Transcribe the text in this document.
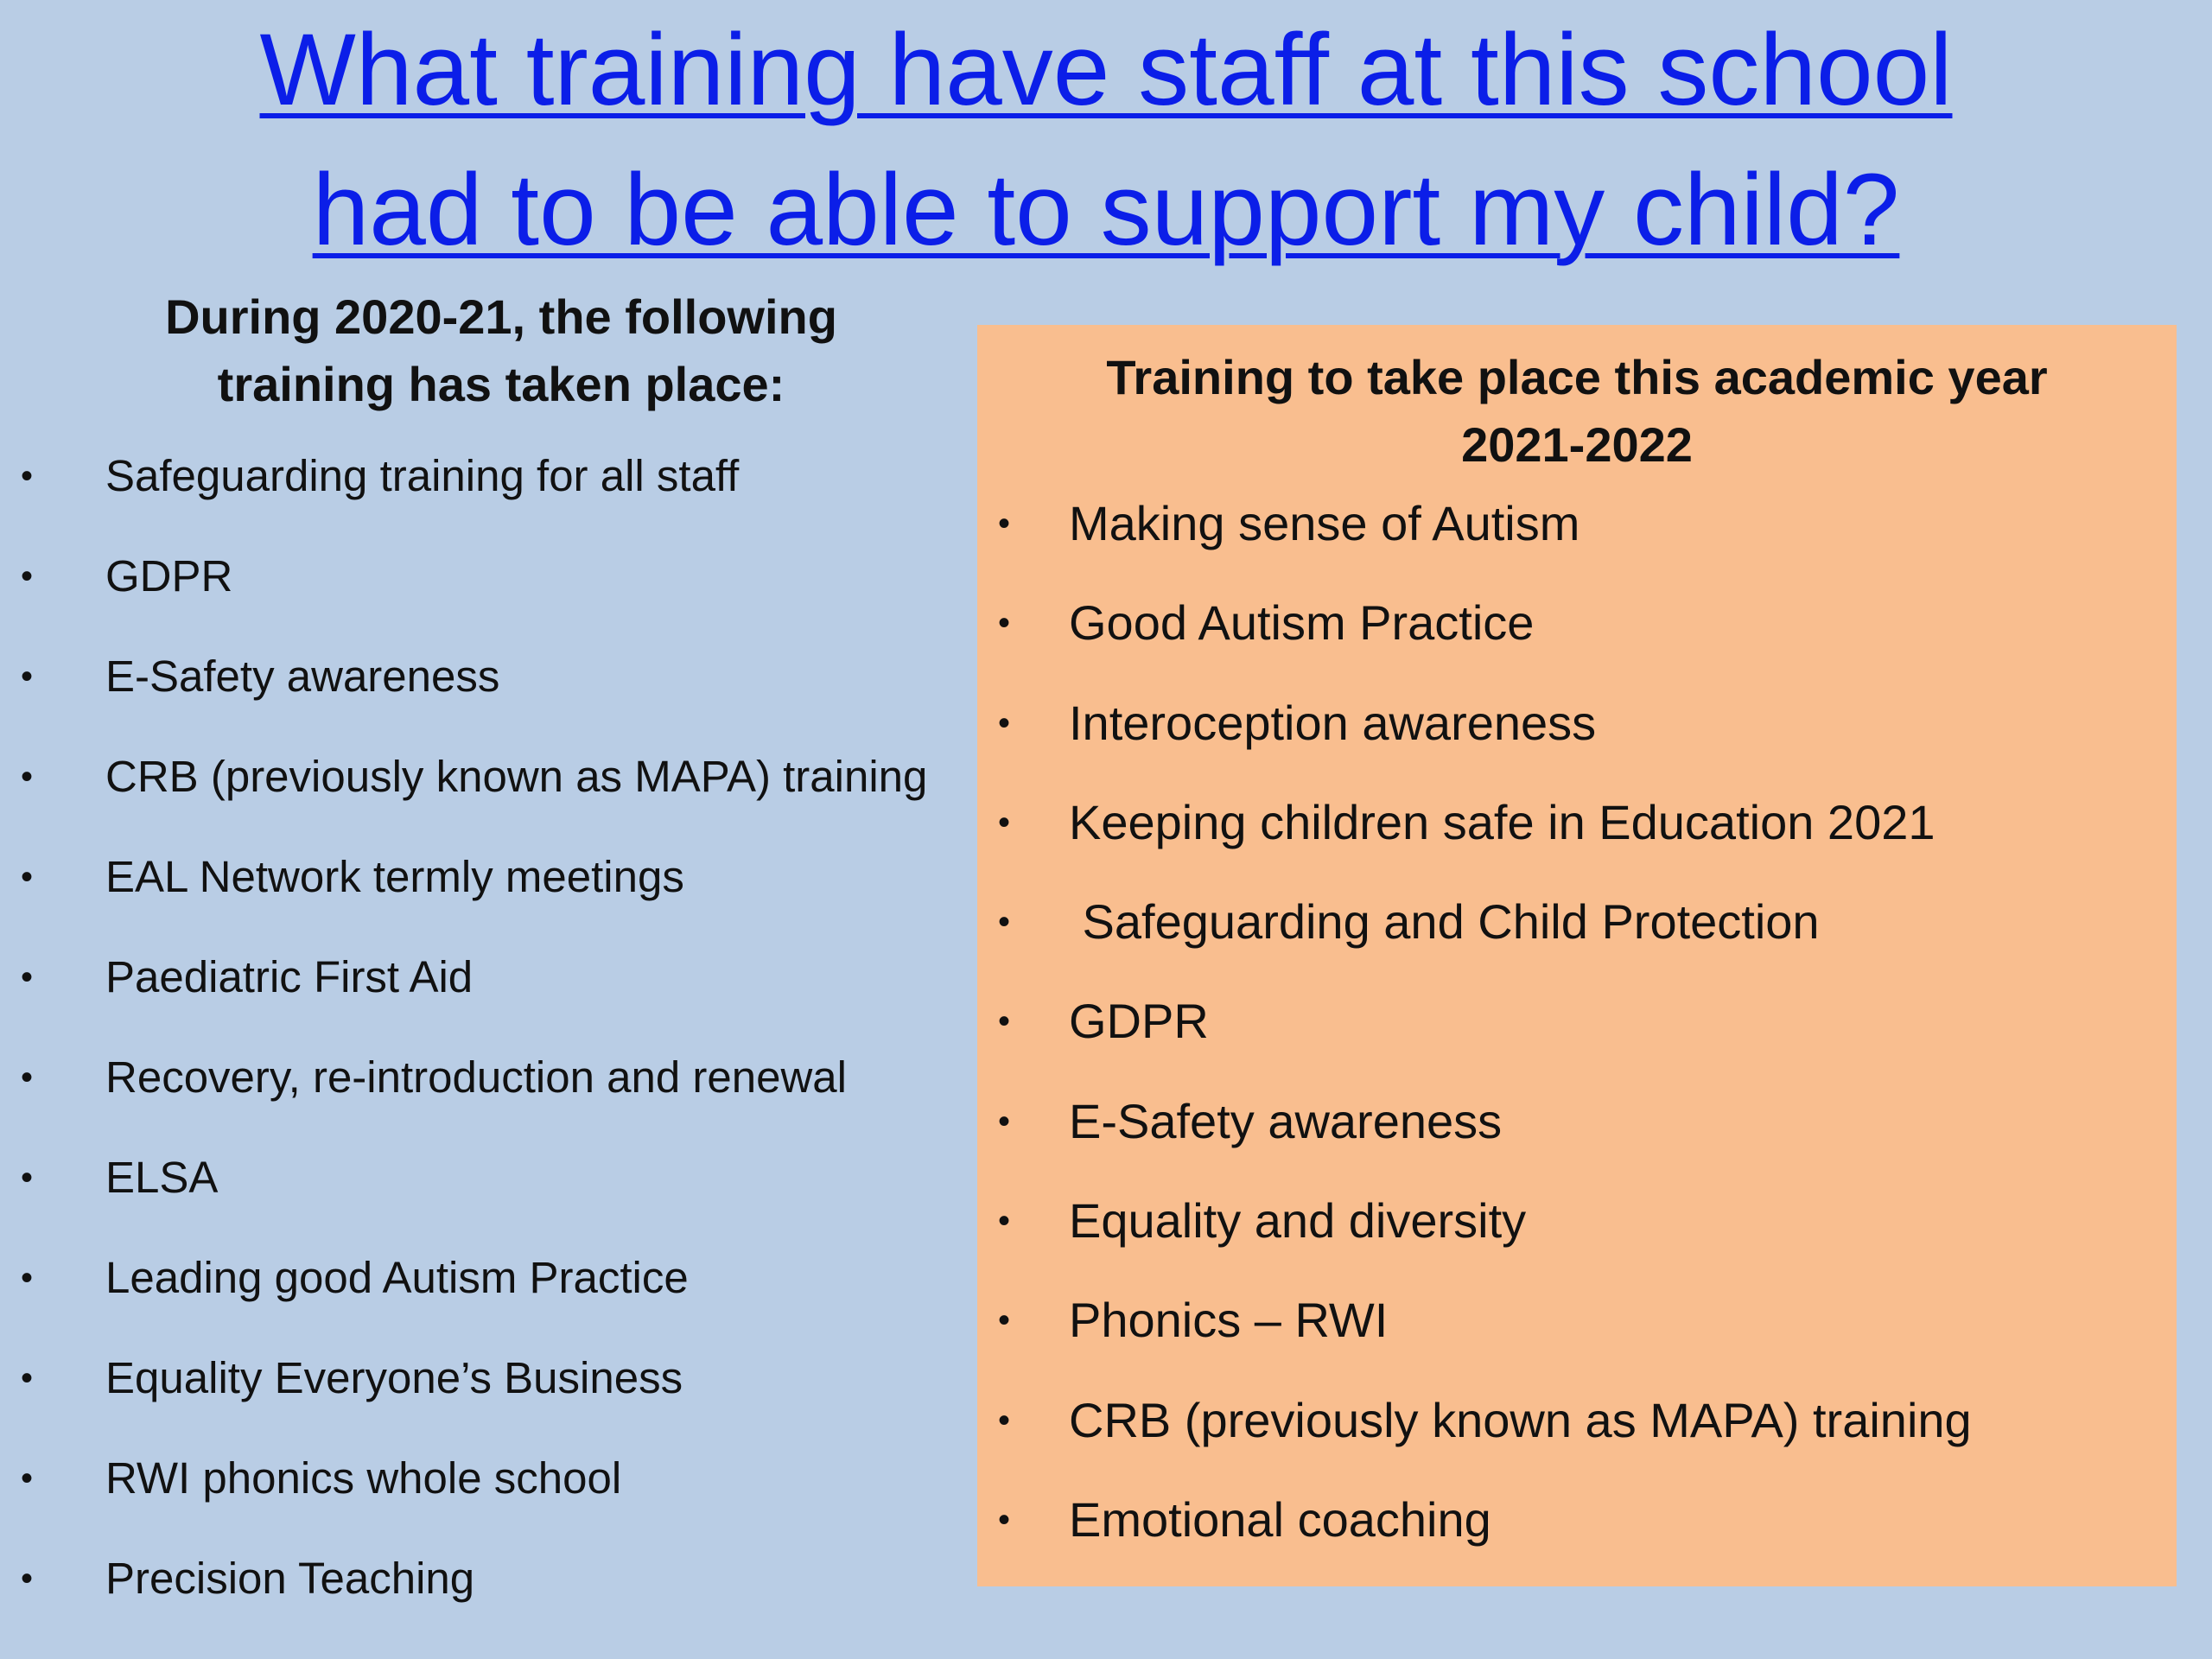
What training have staff at this school
had to be able to support my child?
During 2020-21, the following
training has taken place:
• Safeguarding training for all staff
• GDPR
• E-Safety awareness
• CRB (previously known as MAPA) training
• EAL Network termly meetings
• Paediatric First Aid
• Recovery, re-introduction and renewal
• ELSA
• Leading good Autism Practice
• Equality Everyone’s Business
• RWI phonics whole school
• Precision Teaching
Training to take place this academic year
2021-2022
• Making sense of Autism
• Good Autism Practice
• Interoception awareness
• Keeping children safe in Education 2021
• Safeguarding and Child Protection
• GDPR
• E-Safety awareness
• Equality and diversity
• Phonics – RWI
• CRB (previously known as MAPA) training
• Emotional coaching
